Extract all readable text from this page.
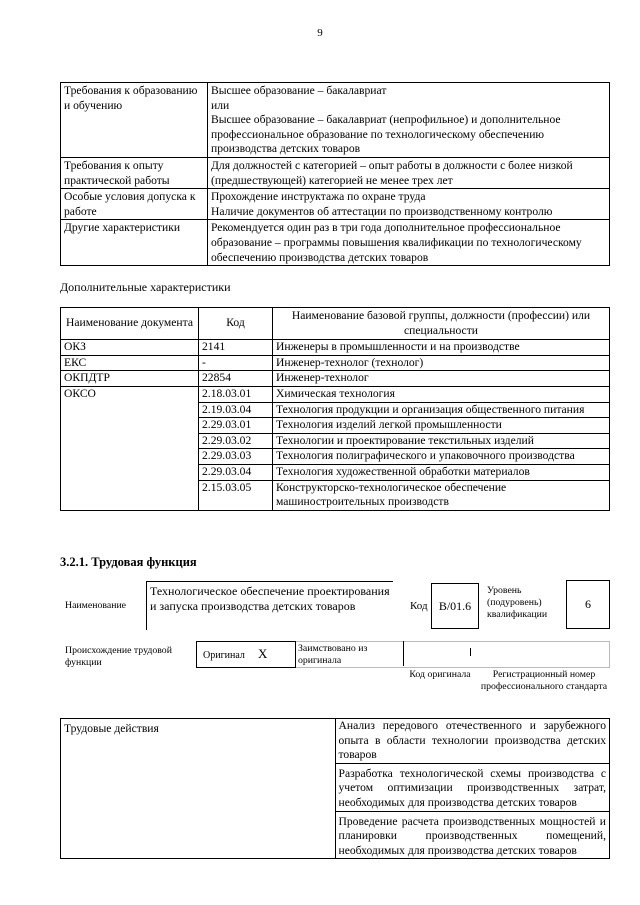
9
Требования к образованию и обучению	Высшее образование – бакалавриат
или
Высшее образование – бакалавриат (непрофильное) и дополнительное профессиональное образование по технологическому обеспечению производства детских товаров

Требования к опыту практической работы	Для должностей с категорией – опыт работы в должности с более низкой (предшествующей) категорией не менее трех лет

Особые условия допуска к работе	Прохождение инструктажа по охране труда
Наличие документов об аттестации по производственному контролю

Другие характеристики	Рекомендуется один раз в три года дополнительное профессиональное образование – программы повышения квалификации по технологическому обеспечению производства детских товаров
Дополнительные характеристики
Наименование документа	Код	Наименование базовой группы, должности (профессии) или специальности
ОКЗ	2141	Инженеры в промышленности и на производстве
ЕКС	-	Инженер-технолог (технолог)
ОКПДТР	22854	Инженер-технолог
ОКСО	2.18.03.01	Химическая технология
	2.19.03.04	Технология продукции и организация общественного питания
	2.29.03.01	Технология изделий легкой промышленности
	2.29.03.02	Технологии и проектирование текстильных изделий
	2.29.03.03	Технология полиграфического и упаковочного производства
	2.29.03.04	Технология художественной обработки материалов
	2.15.03.05	Конструкторско-технологическое обеспечение машиностроительных производств
3.2.1. Трудовая функция
Наименование
Технологическое обеспечение проектирования и запуска производства детских товаров	Код B/01.6
Уровень (подуровень) квалификации
6
Происхождение трудовой функции
Оригинал X	Заимствовано из оригинала
Код оригинала	Регистрационный номер профессионального стандарта
Трудовые действия	Анализ передового отечественного и зарубежного опыта в области технологии производства детских товаров
Разработка технологической схемы производства с учетом оптимизации производственных затрат, необходимых для производства детских товаров
Проведение расчета производственных мощностей и планировки производственных помещений, необходимых для производства детских товаров
